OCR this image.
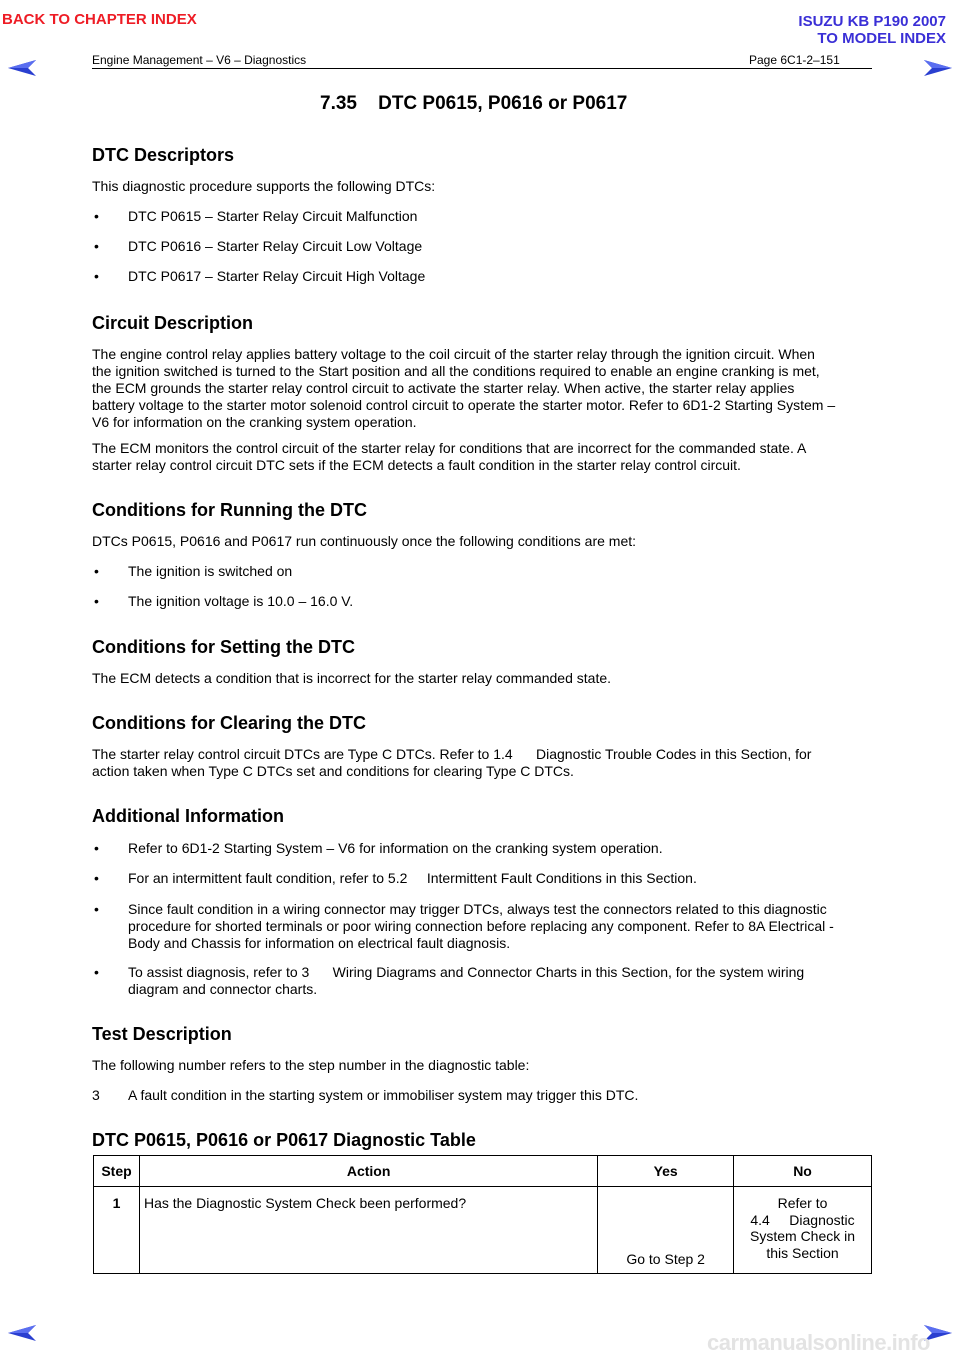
BACK TO CHAPTER INDEX	ISUZU KB P190 2007
TO MODEL INDEX
Engine Management – V6 – Diagnostics	Page 6C1-2–151
7.35    DTC P0615, P0616 or P0617
DTC Descriptors
This diagnostic procedure supports the following DTCs:
• DTC P0615 – Starter Relay Circuit Malfunction
• DTC P0616 – Starter Relay Circuit Low Voltage
• DTC P0617 – Starter Relay Circuit High Voltage
Circuit Description
The engine control relay applies battery voltage to the coil circuit of the starter relay through the ignition circuit. When
the ignition switched is turned to the Start position and all the conditions required to enable an engine cranking is met,
the ECM grounds the starter relay control circuit to activate the starter relay. When active, the starter relay applies
battery voltage to the starter motor solenoid control circuit to operate the starter motor. Refer to 6D1-2 Starting System –
V6 for information on the cranking system operation.
The ECM monitors the control circuit of the starter relay for conditions that are incorrect for the commanded state. A
starter relay control circuit DTC sets if the ECM detects a fault condition in the starter relay control circuit.
Conditions for Running the DTC
DTCs P0615, P0616 and P0617 run continuously once the following conditions are met:
• The ignition is switched on
• The ignition voltage is 10.0 – 16.0 V.
Conditions for Setting the DTC
The ECM detects a condition that is incorrect for the starter relay commanded state.
Conditions for Clearing the DTC
The starter relay control circuit DTCs are Type C DTCs. Refer to 1.4      Diagnostic Trouble Codes in this Section, for
action taken when Type C DTCs set and conditions for clearing Type C DTCs.
Additional Information
• Refer to 6D1-2 Starting System – V6 for information on the cranking system operation.
• For an intermittent fault condition, refer to 5.2     Intermittent Fault Conditions in this Section.
• Since fault condition in a wiring connector may trigger DTCs, always test the connectors related to this diagnostic
procedure for shorted terminals or poor wiring connection before replacing any component. Refer to 8A Electrical -
Body and Chassis for information on electrical fault diagnosis.
• To assist diagnosis, refer to 3      Wiring Diagrams and Connector Charts in this Section, for the system wiring
diagram and connector charts.
Test Description
The following number refers to the step number in the diagnostic table:
3 A fault condition in the starting system or immobiliser system may trigger this DTC.
DTC P0615, P0616 or P0617 Diagnostic Table
Step	Action	Yes	No
1	Has the Diagnostic System Check been performed?	Go to Step 2	Refer to
4.4     Diagnostic
System Check in
this Section
carmanualsonline.info
